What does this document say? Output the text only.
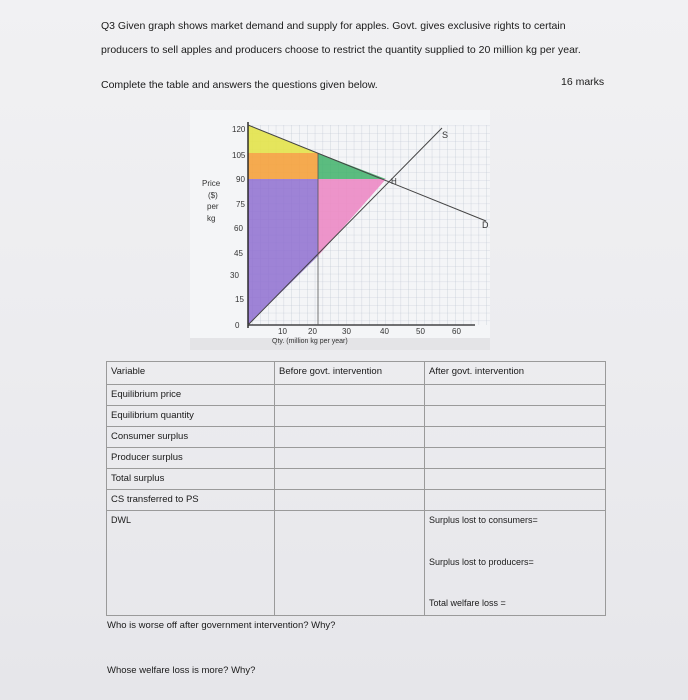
Q3 Given graph shows market demand and supply for apples. Govt. gives exclusive rights to certain
producers to sell apples and producers choose to restrict the quantity supplied to 20 million kg per year.
Complete the table and answers the questions given below.	16 marks
120
105
90
75
60
45
30
15
0
Price
($)
per
kg
10	20	30	40	50	60
Qty. (million kg per year)
S
D
H
Variable	Before govt. intervention	After govt. intervention
Equilibrium price		
Equilibrium quantity		
Consumer surplus		
Producer surplus		
Total surplus		
CS transferred to PS		

DWL		Surplus lost to consumers=
Surplus lost to producers=
Total welfare loss =
Who is worse off after government intervention? Why?
Whose welfare loss is more? Why?
